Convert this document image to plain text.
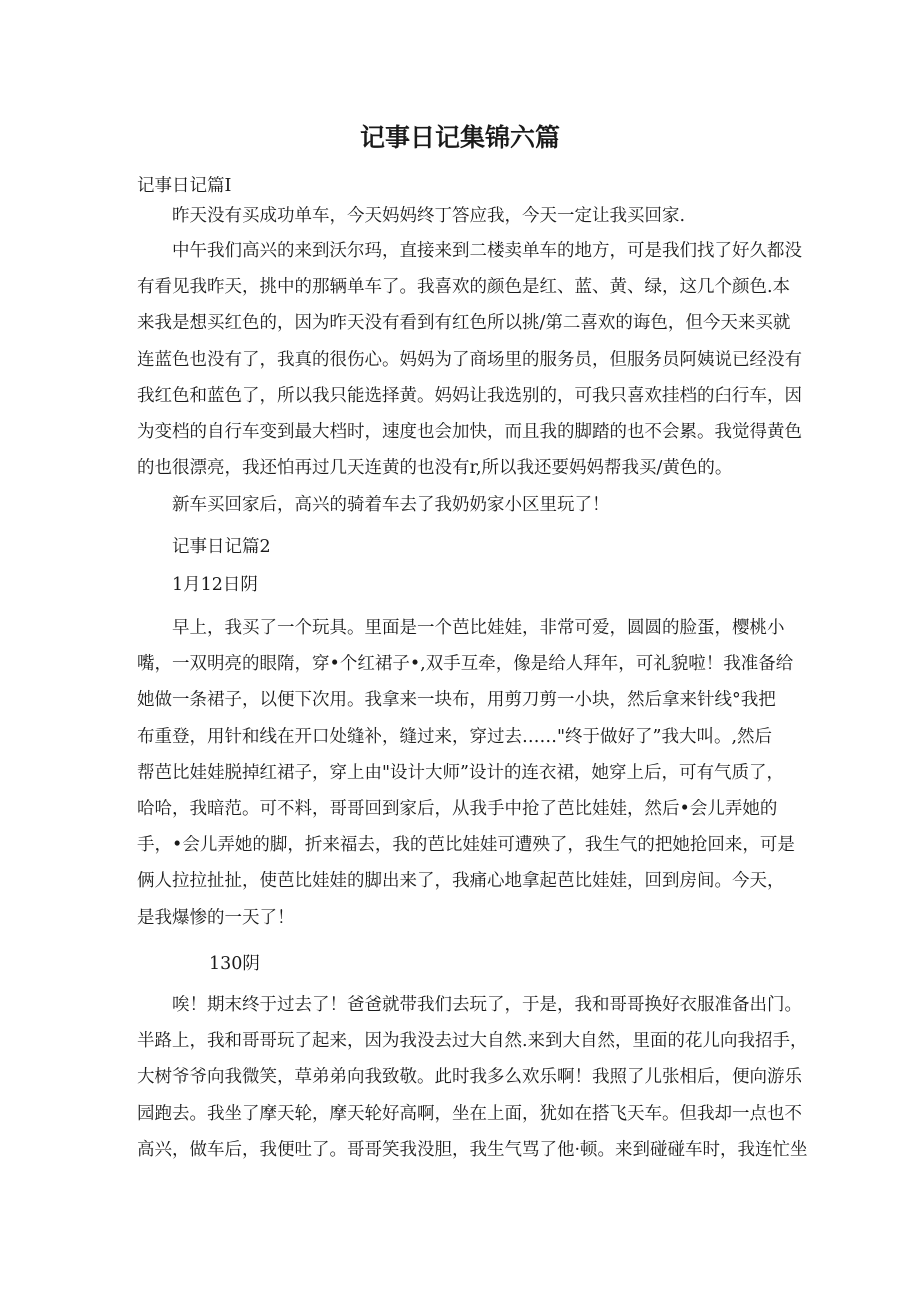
记事日记集锦六篇
记事日记篇I
昨天没有买成功单车，今天妈妈终丁答应我，今天一定让我买回家.
中午我们高兴的来到沃尔玛，直接来到二楼卖单车的地方，可是我们找了好久都没
有看见我昨天，挑中的那辆单车了。我喜欢的颜色是红、蓝、黄、绿，这几个颜色.本
来我是想买红色的，因为昨天没有看到有红色所以挑/第二喜欢的诲色，但今天来买就
连蓝色也没有了，我真的很伤心。妈妈为了商场里的服务员，但服务员阿姨说已经没有
我红色和蓝色了，所以我只能选择黄。妈妈让我选别的，可我只喜欢挂档的臼行车，因
为变档的自行车变到最大档时，速度也会加快，而且我的脚踏的也不会累。我觉得黄色
的也很漂亮，我还怕再过几天连黄的也没有r,所以我还要妈妈帮我买/黄色的。
新车买回家后，高兴的骑着车去了我奶奶家小区里玩了！
记事日记篇2
1月12日阴
早上，我买了一个玩具。里面是一个芭比娃娃，非常可爱，圆圆的脸蛋，樱桃小
嘴，一双明亮的眼隋，穿•个红裙子•,双手互牵，像是给人拜年，可礼貌啦！我准备给
她做一条裙子，以便下次用。我拿来一块布，用剪刀剪一小块，然后拿来针线°我把
布重登，用针和线在开口处缝补，缝过来，穿过去……"终于做好了”我大叫。,然后
帮芭比娃娃脱掉红裙子，穿上由"设计大师”设计的连衣裙，她穿上后，可有气质了，
哈哈，我暗范。可不料，哥哥回到家后，从我手中抢了芭比娃娃，然后•会儿弄她的
手，•会儿弄她的脚，折来福去，我的芭比娃娃可遭殃了，我生气的把她抢回来，可是
俩人拉拉扯扯，使芭比娃娃的脚出来了，我痛心地拿起芭比娃娃，回到房间。今天，
是我爆惨的一天了！
130阴
唉！期末终于过去了！爸爸就带我们去玩了，于是，我和哥哥换好衣服准备出门。
半路上，我和哥哥玩了起来，因为我没去过大自然.来到大自然，里面的花儿向我招手，
大树爷爷向我微笑，草弟弟向我致敬。此时我多么欢乐啊！我照了儿张相后，便向游乐
园跑去。我坐了摩天轮，摩天轮好高啊，坐在上面，犹如在搭飞天车。但我却一点也不
高兴，做车后，我便吐了。哥哥笑我没胆，我生气骂了他·顿。来到碰碰车时，我连忙坐
